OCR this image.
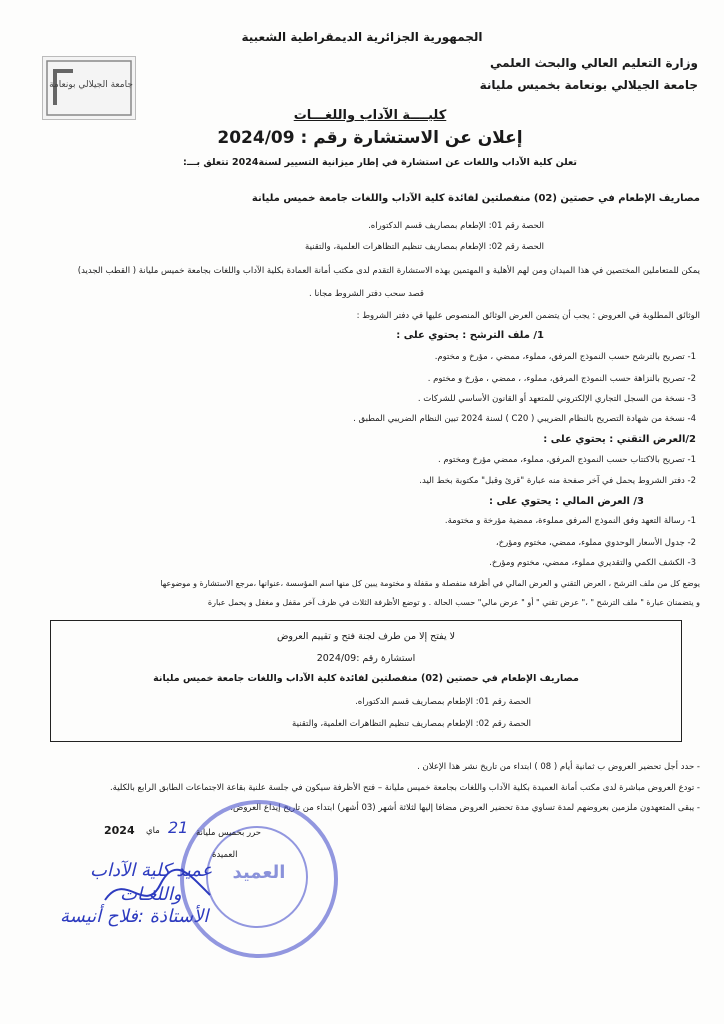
جامعة الجيلالي بونعامة
الجمهورية الجزائرية الديمقراطية الشعبية
وزارة التعليم العالي والبحث العلمي
جامعة الجيلالي بونعامة بخميس مليانة
كليــــة الآداب واللغـــات
إعلان عن الاستشارة رقم : 2024/09
تعلن كلية الآداب واللغات عن استشارة في إطار ميزانية التسيير لسنة2024 تتعلق بـــ:
مصاريف الإطعام في حصتين (02) منفصلتين لفائدة كلية الآداب واللغات جامعة خميس مليانة
الحصة رقم 01: الإطعام بمصاريف قسم الدكتوراه.
الحصة رقم 02: الإطعام بمصاريف تنظيم التظاهرات العلمية، والتقنية
يمكن للمتعاملين المختصين في هذا الميدان ومن لهم الأهلية و المهتمين بهذه الاستشارة التقدم لدى مكتب أمانة العمادة بكلية الآداب واللغات بجامعة خميس مليانة ( القطب الجديد)
قصد سحب دفتر الشروط مجانا .
الوثائق المطلوبة في العروض : يجب أن يتضمن العرض الوثائق المنصوص عليها في دفتر الشروط :
1/ ملف الترشح : يحتوي على :
1- تصريح بالترشح حسب النموذج المرفق، مملوء، ممضي ، مؤرخ و مختوم.
2- تصريح بالنزاهة حسب النموذج المرفق، مملوء، ، ممضي ، مؤرخ و مختوم .
3- نسخة من السجل التجاري الإلكتروني للمتعهد أو القانون الأساسي للشركات .
4- نسخة من شهادة التصريح بالنظام الضريبي ( C20 ) لسنة 2024 تبين النظام الضريبي المطبق .
2/العرض التقني : يحتوي على :
1- تصريح بالاكتتاب حسب النموذج المرفق، مملوء، ممضي مؤرخ ومختوم .
2- دفتر الشروط يحمل في آخر صفحة منه عبارة "قرئ وقبل" مكتوبة بخط اليد.
3/ العرض المالي : يحتوي على :
1- رسالة التعهد وفق النموذج المرفق مملوءة، ممضية مؤرخة و مختومة.
2- جدول الأسعار الوحدوي مملوء، ممضي، مختوم ومؤرخ،
3- الكشف الكمي والتقديري مملوء، ممضي، مختوم ومؤرخ.
يوضع كل من ملف الترشح ، العرض التقني و العرض المالي في أظرفة منفصلة و مقفلة و مختومة يبين كل منها اسم المؤسسة ،عنوانها ،مرجع الاستشارة و موضوعها
و يتضمنان عبارة " ملف الترشح " ،" عرض تقني " أو " عرض مالي" حسب الحالة . و توضع الأظرفة الثلاث في ظرف آخر مقفل و مغفل و يحمل عبارة
لا يفتح إلا من طرف لجنة فتح و تقييم العروض
استشارة رقم :2024/09
مصاريف الإطعام في حصتين (02) منفصلتين لفائدة كلية الآداب واللغات جامعة خميس مليانة
الحصة رقم 01: الإطعام بمصاريف قسم الدكتوراه.
الحصة رقم 02: الإطعام بمصاريف تنظيم التظاهرات العلمية، والتقنية
- حدد أجل تحضير العروض ب ثمانية أيام ( 08 ) ابتداء من تاريخ نشر هذا الإعلان .
- تودع العروض مباشرة لدى مكتب أمانة العميدة بكلية الآداب واللغات بجامعة خميس مليانة – فتح الأظرفة سيكون في جلسة علنية بقاعة الاجتماعات الطابق الرابع بالكلية.
- يبقى المتعهدون ملزمين بعروضهم لمدة تساوي مدة تحضير العروض مضافا إليها لثلاثة أشهر (03 أشهر) ابتداء من تاريخ إيداع العروض.
العميد
حرر بخميس مليانة
21
ماي
2024
العميدة
عميد كلية الآداب
واللغـات
الأستاذة :فلاح أنيسة
